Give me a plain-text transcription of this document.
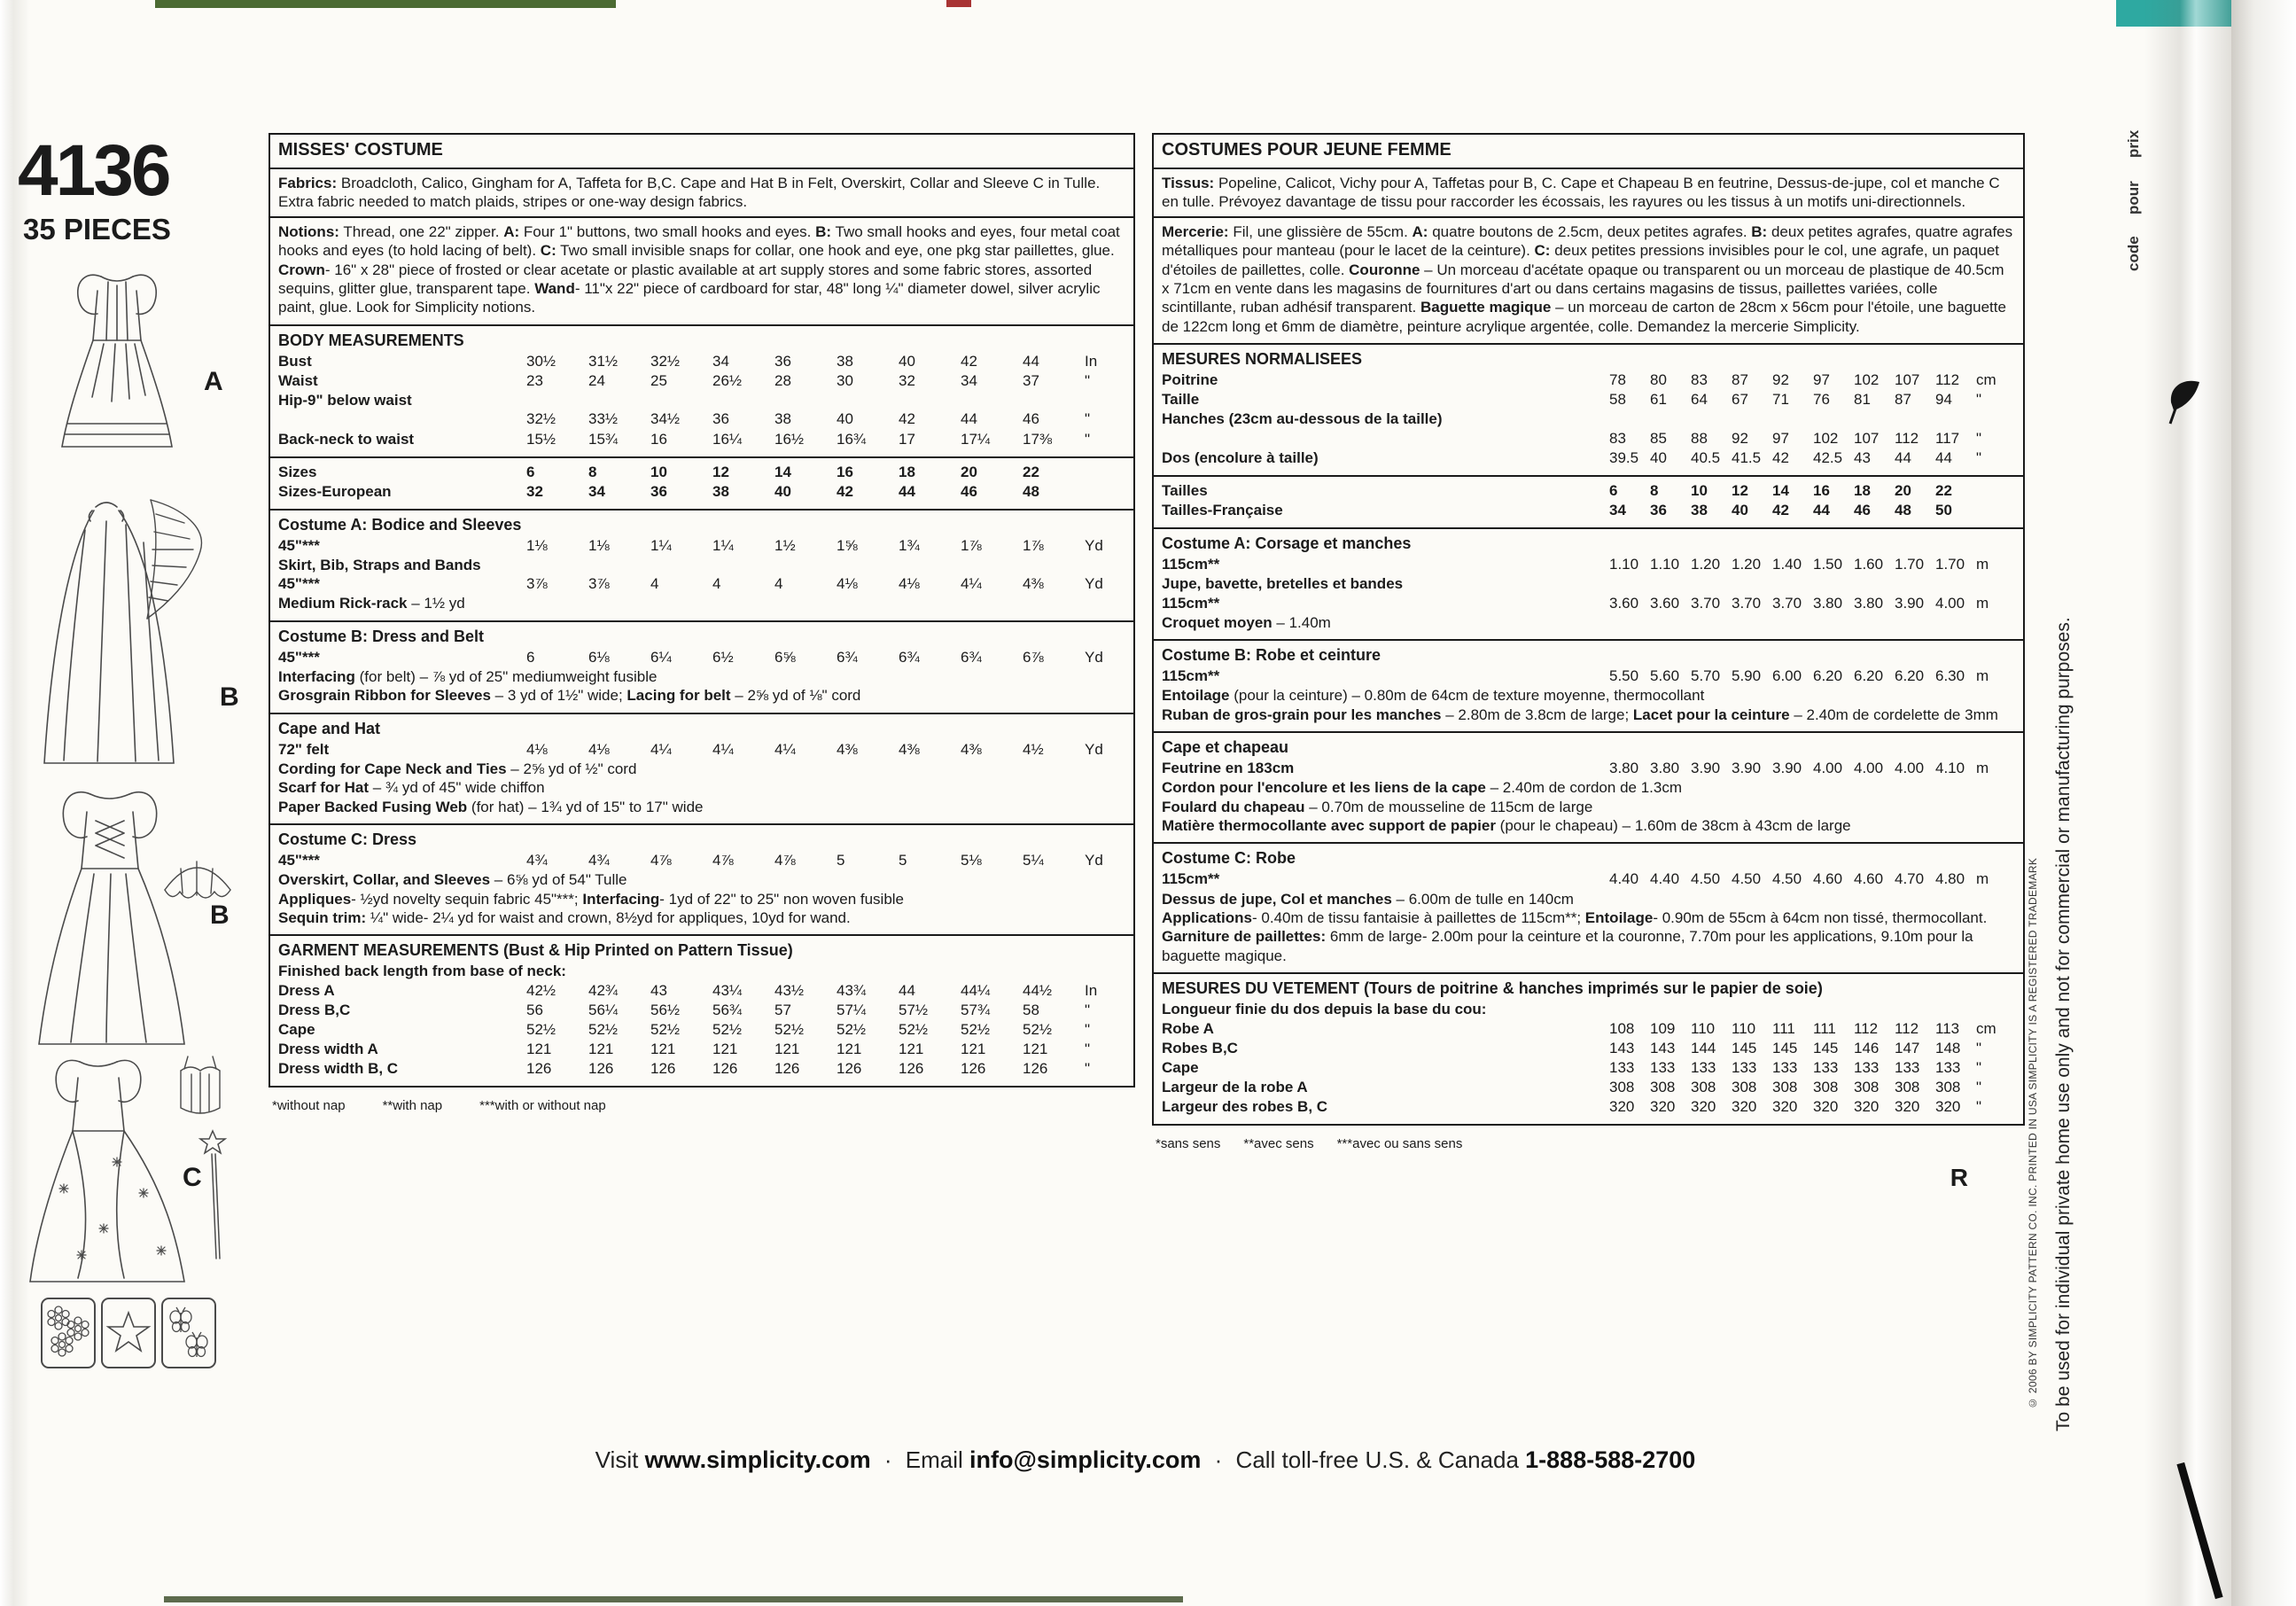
4136
35 PIECES
A
B
B
C
MISSES' COSTUME
Fabrics: Broadcloth, Calico, Gingham for A, Taffeta for B,C. Cape and Hat B in Felt, Overskirt, Collar and Sleeve C in Tulle. Extra fabric needed to match plaids, stripes or one-way design fabrics.
Notions: Thread, one 22" zipper. A: Four 1" buttons, two small hooks and eyes. B: Two small hooks and eyes, four metal coat hooks and eyes (to hold lacing of belt). C: Two small invisible snaps for collar, one hook and eye, one pkg star paillettes, glue. Crown- 16" x 28" piece of frosted or clear acetate or plastic available at art supply stores and some fabric stores, assorted sequins, glitter glue, transparent tape. Wand- 11"x 22" piece of cardboard for star, 48" long ¼" diameter dowel, silver acrylic paint, glue. Look for Simplicity notions.
BODY MEASUREMENTS
Bust	30½	31½	32½	34	36	38	40	42	44	In
Waist	23	24	25	26½	28	30	32	34	37	"
Hip-9" below waist
32½	33½	34½	36	38	40	42	44	46	"
Back-neck to waist	15½	15¾	16	16¼	16½	16¾	17	17¼	17⅜	"
Sizes	6	8	10	12	14	16	18	20	22
Sizes-European	32	34	36	38	40	42	44	46	48
Costume A: Bodice and Sleeves
45"***	1⅛	1⅛	1¼	1¼	1½	1⅝	1¾	1⅞	1⅞	Yd
Skirt, Bib, Straps and Bands
45"***	3⅞	3⅞	4	4	4	4⅛	4⅛	4¼	4⅜	Yd
Medium Rick-rack – 1½ yd
Costume B: Dress and Belt
45"***	6	6⅛	6¼	6½	6⅝	6¾	6¾	6¾	6⅞	Yd
Interfacing (for belt) – ⅞ yd of 25" mediumweight fusible
Grosgrain Ribbon for Sleeves – 3 yd of 1½" wide; Lacing for belt – 2⅝ yd of ⅛" cord
Cape and Hat
72" felt	4⅛	4⅛	4¼	4¼	4¼	4⅜	4⅜	4⅜	4½	Yd
Cording for Cape Neck and Ties – 2⅝ yd of ½" cord
Scarf for Hat – ¾ yd of 45" wide chiffon
Paper Backed Fusing Web (for hat) – 1¾ yd of 15" to 17" wide
Costume C: Dress
45"***	4¾	4¾	4⅞	4⅞	4⅞	5	5	5⅛	5¼	Yd
Overskirt, Collar, and Sleeves – 6⅝ yd of 54" Tulle
Appliques- ½yd novelty sequin fabric 45"***; Interfacing- 1yd of 22" to 25" non woven fusible
Sequin trim: ¼" wide- 2¼ yd for waist and crown, 8½yd for appliques, 10yd for wand.
GARMENT MEASUREMENTS (Bust & Hip Printed on Pattern Tissue)
Finished back length from base of neck:
Dress A	42½	42¾	43	43¼	43½	43¾	44	44¼	44½	In
Dress B,C	56	56¼	56½	56¾	57	57¼	57½	57¾	58	"
Cape	52½	52½	52½	52½	52½	52½	52½	52½	52½	"
Dress width A	121	121	121	121	121	121	121	121	121	"
Dress width B, C	126	126	126	126	126	126	126	126	126	"
*without nap	**with nap	***with or without nap
COSTUMES POUR JEUNE FEMME
Tissus: Popeline, Calicot, Vichy pour A, Taffetas pour B, C. Cape et Chapeau B en feutrine, Dessus-de-jupe, col et manche C en tulle. Prévoyez davantage de tissu pour raccorder les écossais, les rayures ou les tissus à un motifs uni-directionnels.
Mercerie: Fil, une glissière de 55cm. A: quatre boutons de 2.5cm, deux petites agrafes. B: deux petites agrafes, quatre agrafes métalliques pour manteau (pour le lacet de la ceinture). C: deux petites pressions invisibles pour le col, une agrafe, un paquet d'étoiles de paillettes, colle. Couronne – Un morceau d'acétate opaque ou transparent ou un morceau de plastique de 40.5cm x 71cm en vente dans les magasins de fournitures d'art ou dans certains magasins de tissus, paillettes variées, colle scintillante, ruban adhésif transparent. Baguette magique – un morceau de carton de 28cm x 56cm pour l'étoile, une baguette de 122cm long et 6mm de diamètre, peinture acrylique argentée, colle. Demandez la mercerie Simplicity.
MESURES NORMALISEES
Poitrine	78	80	83	87	92	97	102	107	112	cm
Taille	58	61	64	67	71	76	81	87	94	"
Hanches (23cm au-dessous de la taille)
83	85	88	92	97	102	107	112	117	"
Dos (encolure à taille)	39.5 40	40.5 41.5 42	42.5 43	44	44	"
Tailles	6	8	10	12	14	16	18	20	22
Tailles-Française	34	36	38	40	42	44	46	48	50
Costume A: Corsage et manches
115cm**	1.10 1.10 1.20 1.20 1.40 1.50 1.60 1.70 1.70 m
Jupe, bavette, bretelles et bandes
115cm**	3.60 3.60 3.70 3.70 3.70 3.80 3.80 3.90 4.00 m
Croquet moyen – 1.40m
Costume B: Robe et ceinture
115cm**	5.50 5.60 5.70 5.90 6.00 6.20 6.20 6.20 6.30 m
Entoilage (pour la ceinture) – 0.80m de 64cm de texture moyenne, thermocollant
Ruban de gros-grain pour les manches – 2.80m de 3.8cm de large; Lacet pour la ceinture – 2.40m de cordelette de 3mm
Cape et chapeau
Feutrine en 183cm	3.80 3.80 3.90 3.90 3.90 4.00 4.00 4.00 4.10 m
Cordon pour l'encolure et les liens de la cape – 2.40m de cordon de 1.3cm
Foulard du chapeau – 0.70m de mousseline de 115cm de large
Matière thermocollante avec support de papier (pour le chapeau) – 1.60m de 38cm à 43cm de large
Costume C: Robe
115cm**	4.40 4.40 4.50 4.50 4.50 4.60 4.60 4.70 4.80 m
Dessus de jupe, Col et manches – 6.00m de tulle en 140cm
Applications- 0.40m de tissu fantaisie à paillettes de 115cm**; Entoilage- 0.90m de 55cm à 64cm non tissé, thermocollant. Garniture de paillettes: 6mm de large- 2.00m pour la ceinture et la couronne, 7.70m pour les applications, 9.10m pour la baguette magique.
MESURES DU VETEMENT (Tours de poitrine & hanches imprimés sur le papier de soie)
Longueur finie du dos depuis la base du cou:
Robe A	108	109	110	110	111	111	112	112	113	cm
Robes B,C	143	143	144	145	145	145	146	147	148	"
Cape	133	133	133	133	133	133	133	133	133	"
Largeur de la robe A	308	308	308	308	308	308	308	308	308	"
Largeur des robes B, C	320	320	320	320	320	320	320	320	320	"
*sans sens **avec sens ***avec ou sans sens
R
Visit www.simplicity.com · Email info@simplicity.com · Call toll-free U.S. & Canada 1-888-588-2700
To be used for individual private home use only and not for commercial or manufacturing purposes.
© 2006 BY SIMPLICITY PATTERN CO. INC. PRINTED IN USA SIMPLICITY IS A REGISTERED TRADEMARK
prix
pour
code
